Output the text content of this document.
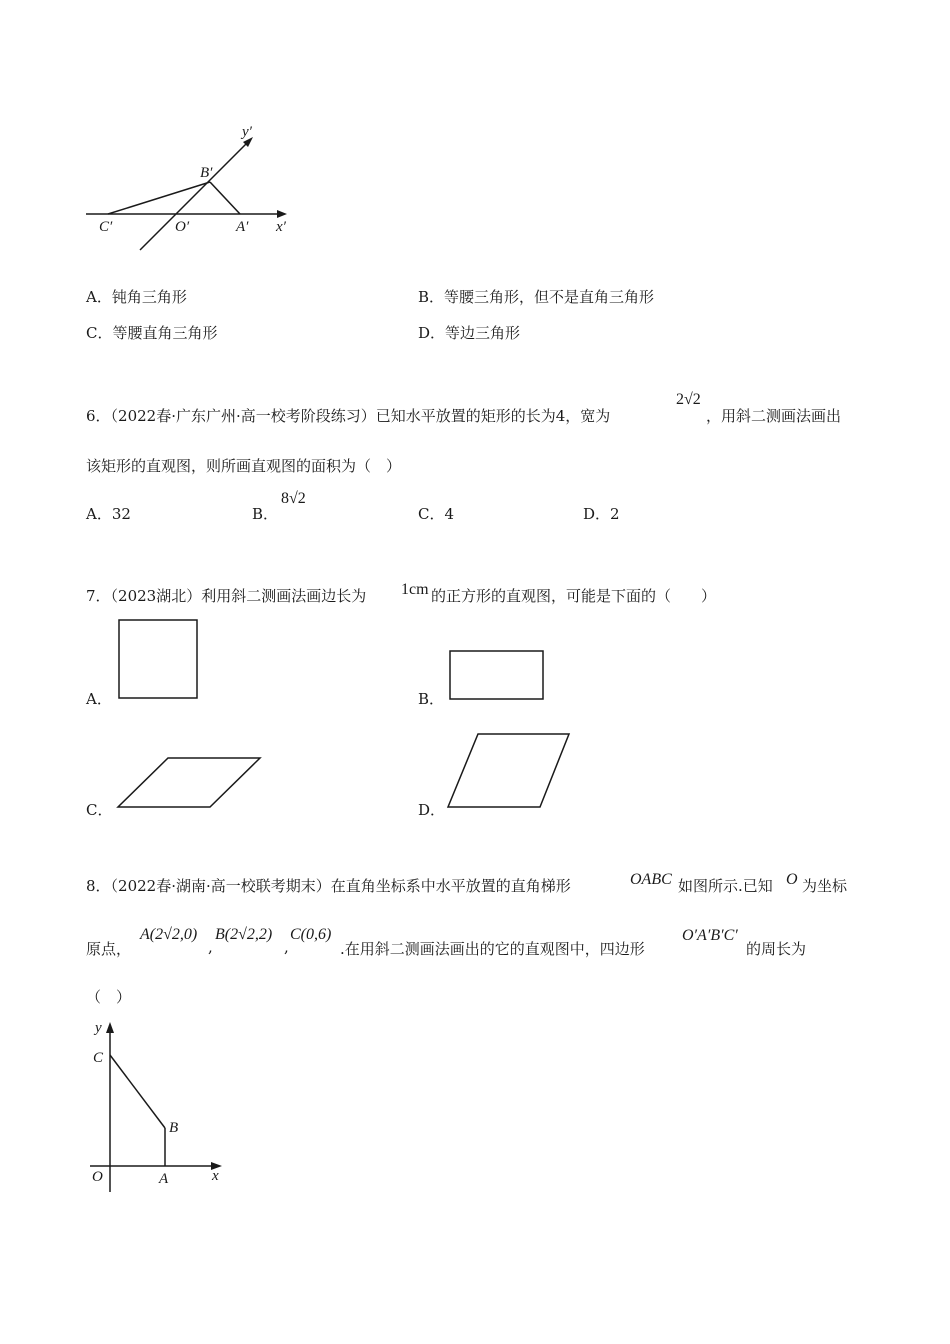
y′
B′
C′	O′	A′ x′
A．钝角三角形	B．等腰三角形，但不是直角三角形
C．等腰直角三角形	D．等边三角形
6．（2022春·广东广州·高一校考阶段练习）已知水平放置的矩形的长为4，宽为
2√2
，用斜二测画法画出
该矩形的直观图，则所画直观图的面积为（　）
A．32	B．
8√2
C．4	D．2
7．（2023湖北）利用斜二测画法画边长为 1cm 的正方形的直观图，可能是下面的（　　）
A．	B．
C．	D．
8．（2022春·湖南·高一校联考期末）在直角坐标系中水平放置的直角梯形	OABC 如图所示.已知 O 为坐标
原点，
A(2√2,0)
,
B(2√2,2)
,
C(0,6)
.在用斜二测画法画出的它的直观图中，四边形
O′A′B′C′
的周长为
（　）
y
C
B
O	A	x
